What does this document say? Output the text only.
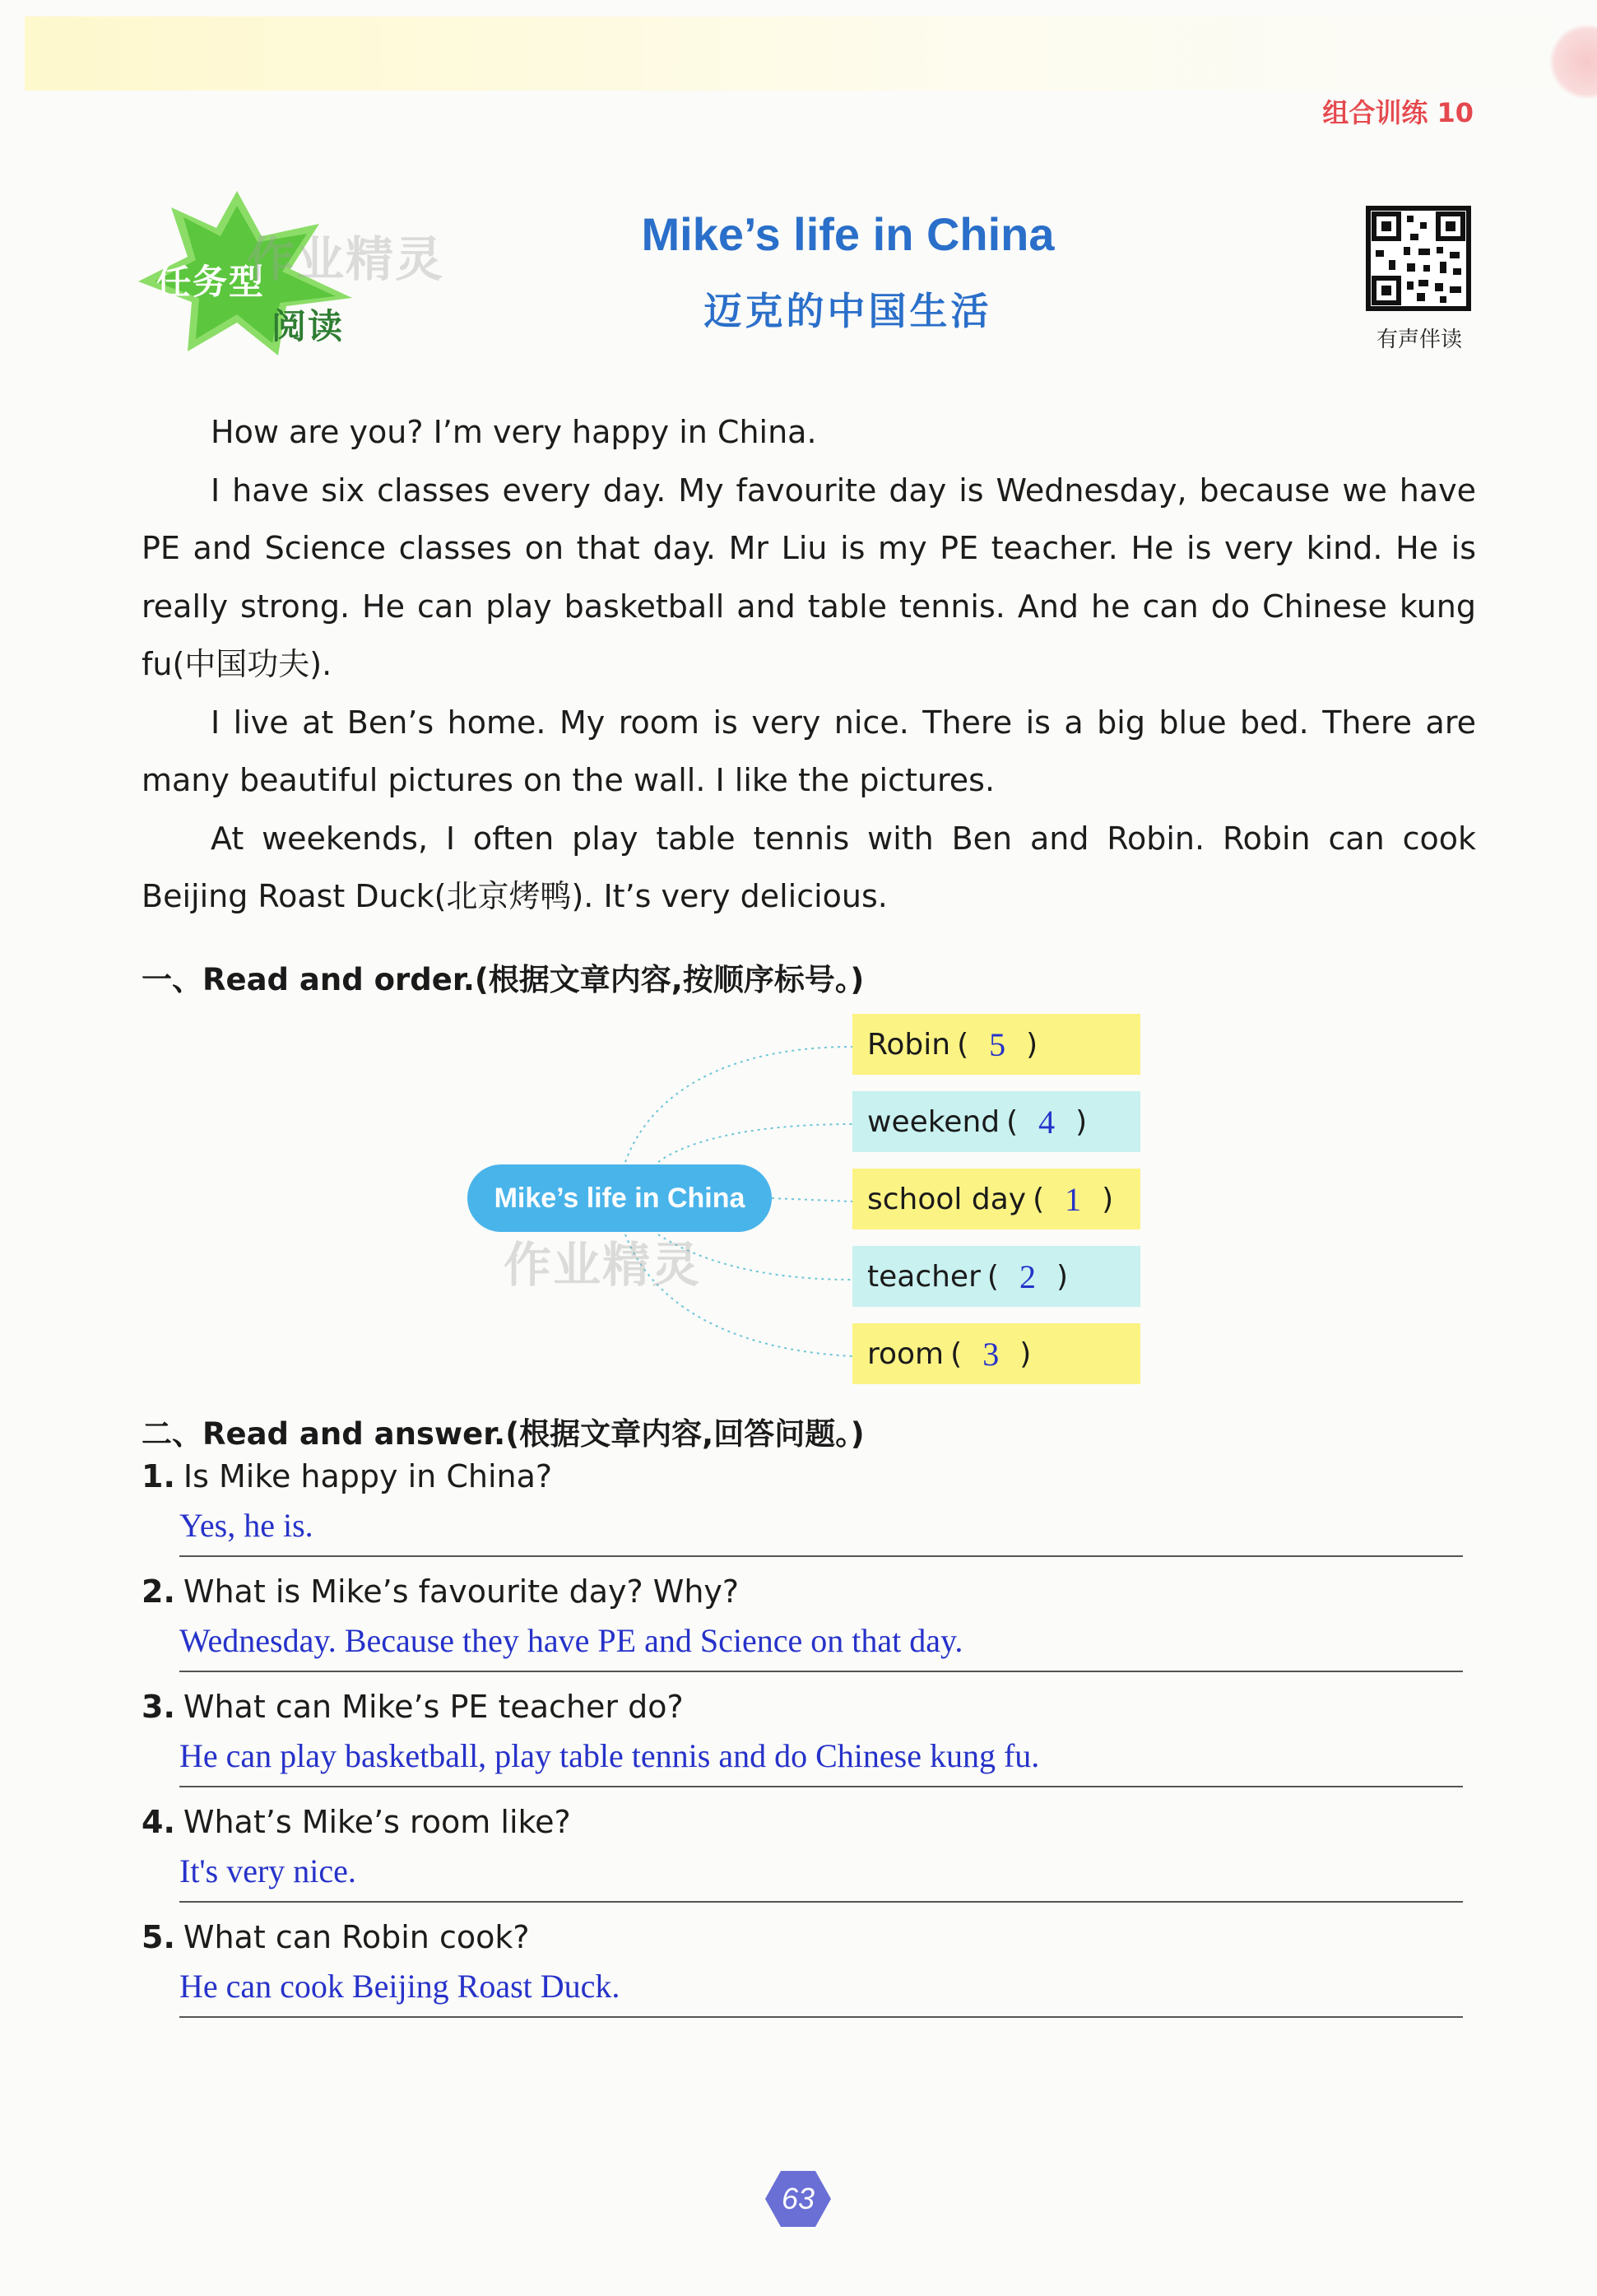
组合训练 10
任务型
阅读
作业精灵	Mike’s life in China
迈克的中国生活
有声伴读

How are you? I’m very happy in China.

I have six classes every day. My favourite day is Wednesday, because we have PE and Science classes on that day. Mr Liu is my PE teacher. He is very kind. He is really strong. He can play basketball and table tennis. And he can do Chinese kung fu(中国功夫).

I live at Ben’s home. My room is very nice. There is a big blue bed. There are many beautiful pictures on the wall. I like the pictures.

At weekends, I often play table tennis with Ben and Robin. Robin can cook Beijing Roast Duck(北京烤鸭). It’s very delicious.

一、Read and order.(根据文章内容,按顺序标号。)
Mike’s life in China
作业精灵
Robin ( 5 )
weekend ( 4 )
school day ( 1 )
teacher ( 2 )
room ( 3 )
二、Read and answer.(根据文章内容,回答问题。)
1. Is Mike happy in China?
Yes, he is.
2. What is Mike’s favourite day? Why?
Wednesday. Because they have PE and Science on that day.
3. What can Mike’s PE teacher do?
He can play basketball, play table tennis and do Chinese kung fu.
4. What’s Mike’s room like?
It's very nice.
5. What can Robin cook?
He can cook Beijing Roast Duck.
63
